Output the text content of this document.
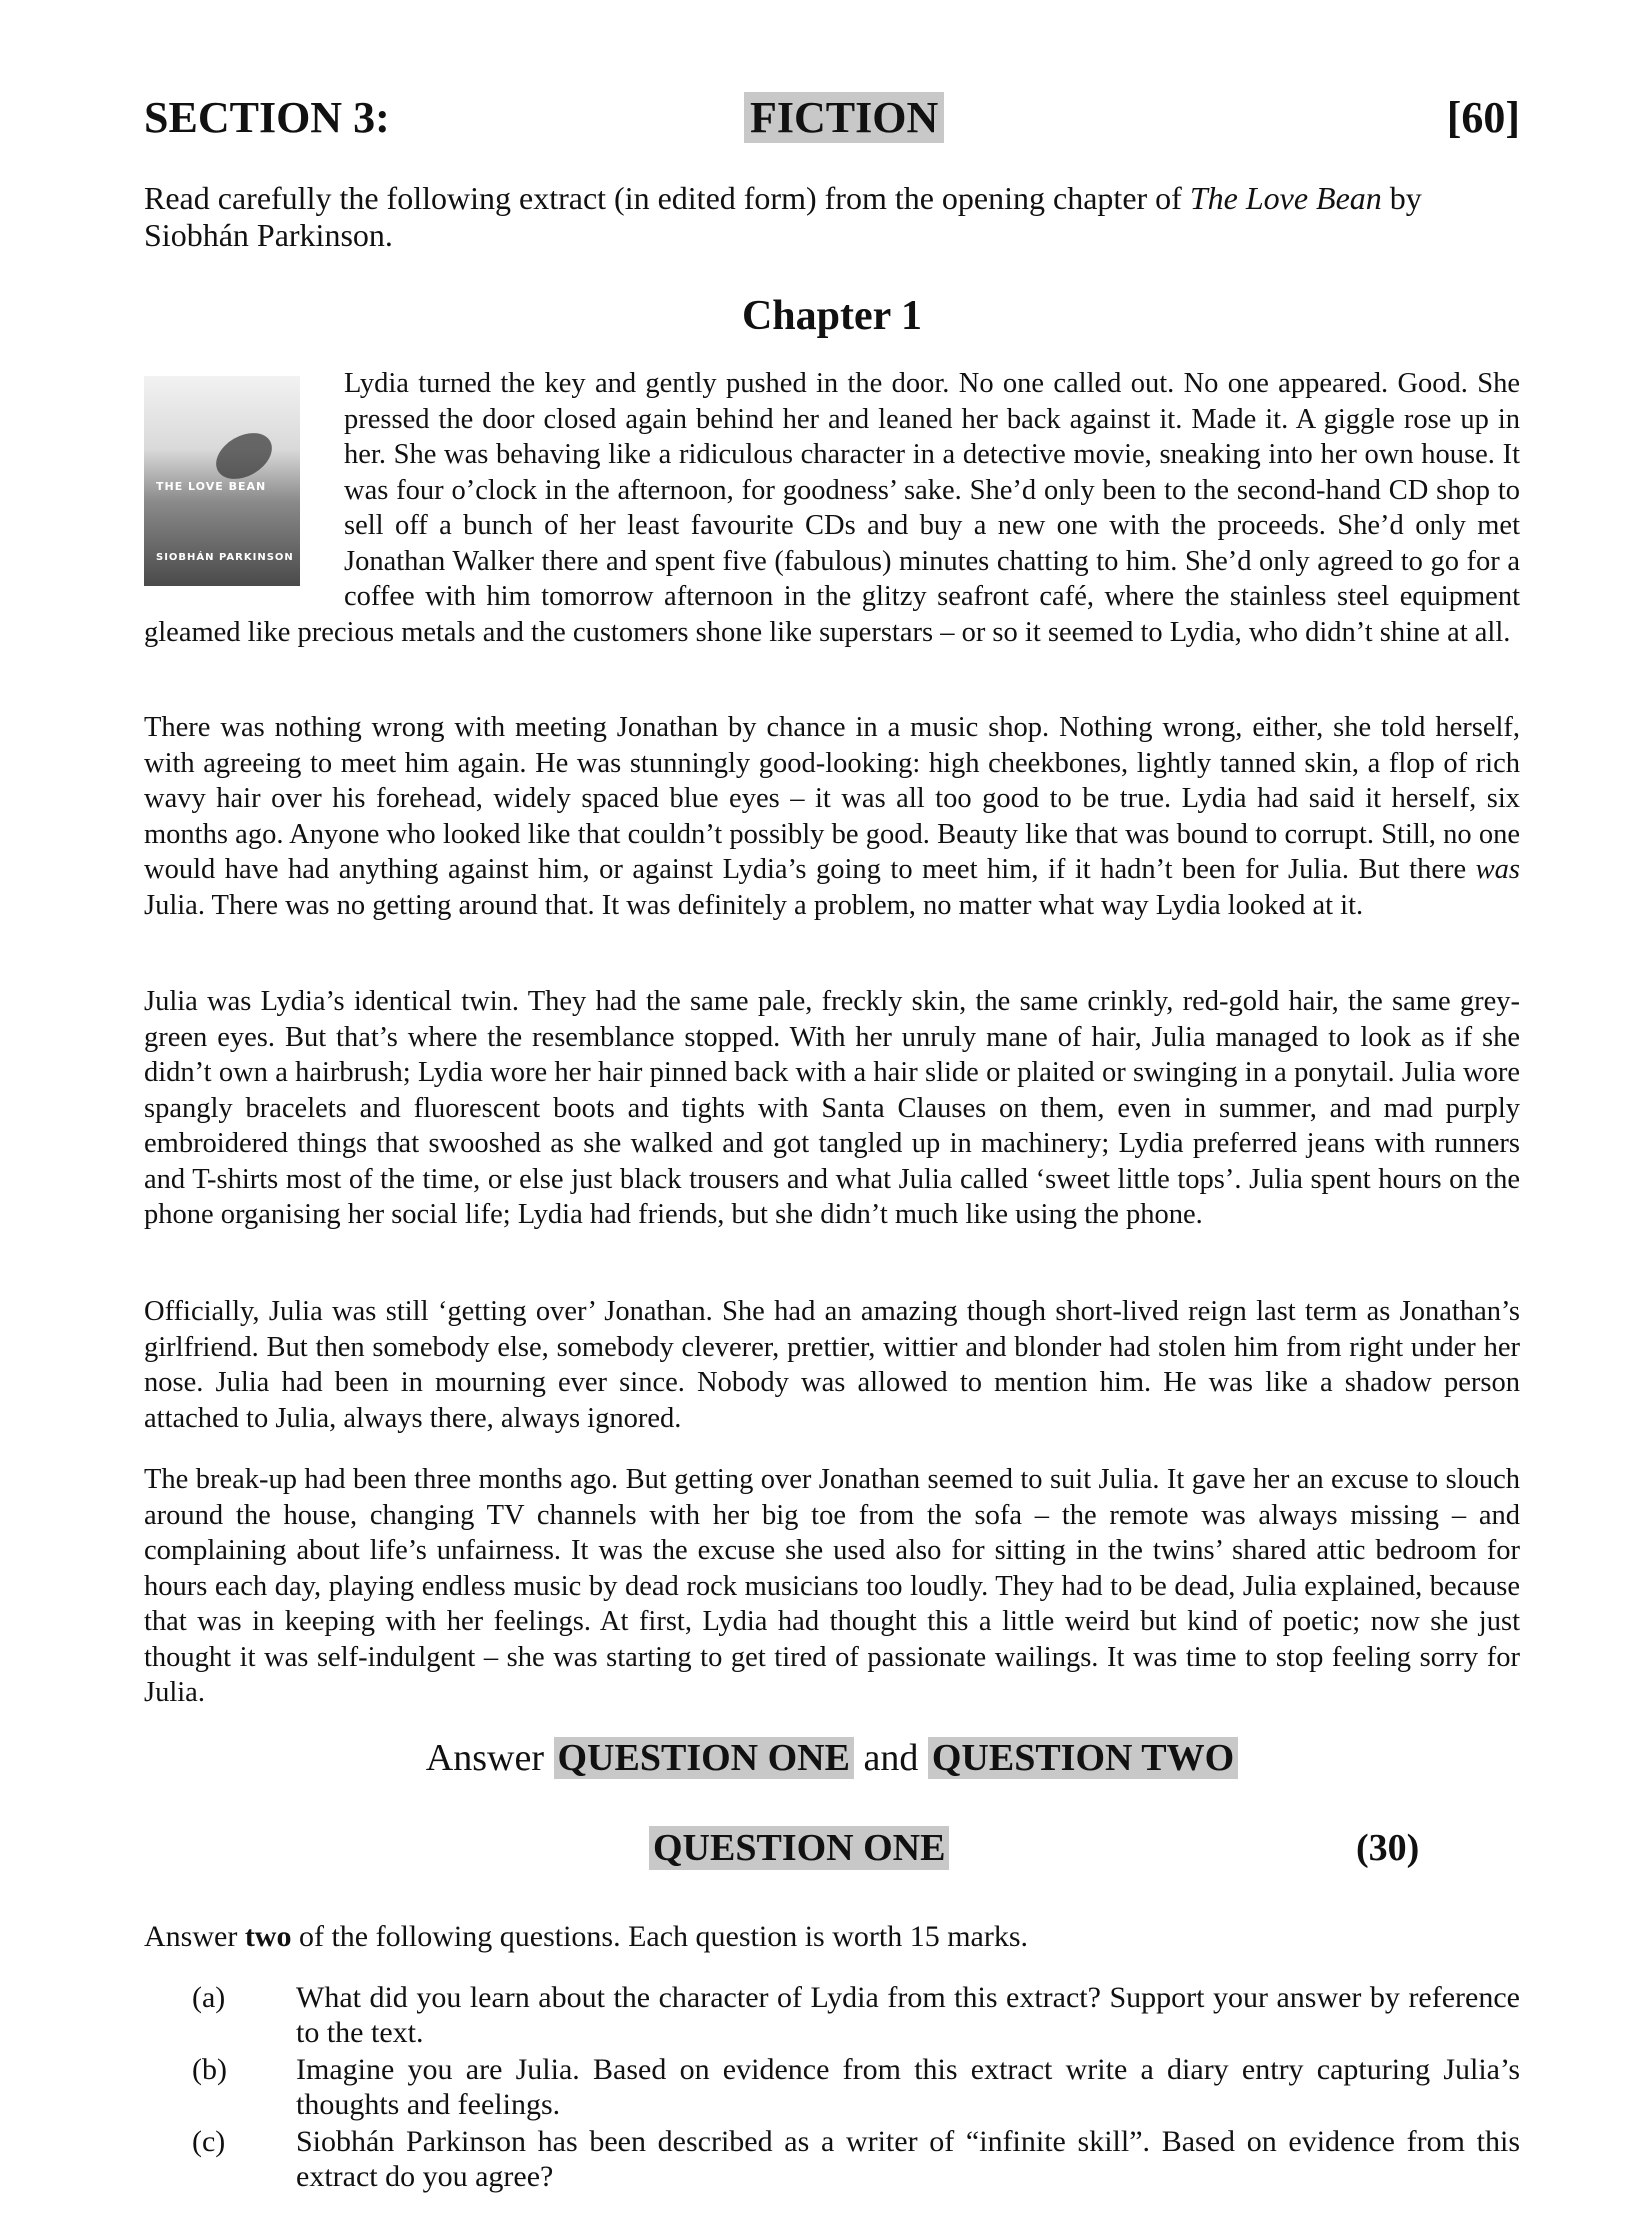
SECTION 3:	FICTION	[60]
Read carefully the following extract (in edited form) from the opening chapter of The Love Bean by Siobhán Parkinson.
Chapter 1
Lydia turned the key and gently pushed in the door. No one called out. No one appeared. Good. She pressed the door closed again behind her and leaned her back against it. Made it. A giggle rose up in her. She was behaving like a ridiculous character in a detective movie, sneaking into her own house. It was four o’clock in the afternoon, for goodness’ sake. She’d only been to the second-hand CD shop to sell off a bunch of her least favourite CDs and buy a new one with the proceeds. She’d only met Jonathan Walker there and spent five (fabulous) minutes chatting to him. She’d only agreed to go for a coffee with him tomorrow afternoon in the glitzy seafront café, where the stainless steel equipment gleamed like precious metals and the customers shone like superstars – or so it seemed to Lydia, who didn’t shine at all.
THE LOVE BEAN
SIOBHÁN PARKINSON
There was nothing wrong with meeting Jonathan by chance in a music shop. Nothing wrong, either, she told herself, with agreeing to meet him again. He was stunningly good-looking: high cheekbones, lightly tanned skin, a flop of rich wavy hair over his forehead, widely spaced blue eyes – it was all too good to be true. Lydia had said it herself, six months ago. Anyone who looked like that couldn’t possibly be good. Beauty like that was bound to corrupt. Still, no one would have had anything against him, or against Lydia’s going to meet him, if it hadn’t been for Julia. But there was Julia. There was no getting around that. It was definitely a problem, no matter what way Lydia looked at it.
Julia was Lydia’s identical twin. They had the same pale, freckly skin, the same crinkly, red-gold hair, the same grey-green eyes. But that’s where the resemblance stopped. With her unruly mane of hair, Julia managed to look as if she didn’t own a hairbrush; Lydia wore her hair pinned back with a hair slide or plaited or swinging in a ponytail. Julia wore spangly bracelets and fluorescent boots and tights with Santa Clauses on them, even in summer, and mad purply embroidered things that swooshed as she walked and got tangled up in machinery; Lydia preferred jeans with runners and T-shirts most of the time, or else just black trousers and what Julia called ‘sweet little tops’. Julia spent hours on the phone organising her social life; Lydia had friends, but she didn’t much like using the phone.
Officially, Julia was still ‘getting over’ Jonathan. She had an amazing though short-lived reign last term as Jonathan’s girlfriend. But then somebody else, somebody cleverer, prettier, wittier and blonder had stolen him from right under her nose. Julia had been in mourning ever since. Nobody was allowed to mention him. He was like a shadow person attached to Julia, always there, always ignored.
The break-up had been three months ago. But getting over Jonathan seemed to suit Julia. It gave her an excuse to slouch around the house, changing TV channels with her big toe from the sofa – the remote was always missing – and complaining about life’s unfairness. It was the excuse she used also for sitting in the twins’ shared attic bedroom for hours each day, playing endless music by dead rock musicians too loudly. They had to be dead, Julia explained, because that was in keeping with her feelings. At first, Lydia had thought this a little weird but kind of poetic; now she just thought it was self-indulgent – she was starting to get tired of passionate wailings. It was time to stop feeling sorry for Julia.
Answer QUESTION ONE and QUESTION TWO
QUESTION ONE	(30)
Answer two of the following questions. Each question is worth 15 marks.
(a) What did you learn about the character of Lydia from this extract? Support your answer by reference to the text.
(b) Imagine you are Julia. Based on evidence from this extract write a diary entry capturing Julia’s thoughts and feelings.
(c) Siobhán Parkinson has been described as a writer of “infinite skill”. Based on evidence from this extract do you agree?
